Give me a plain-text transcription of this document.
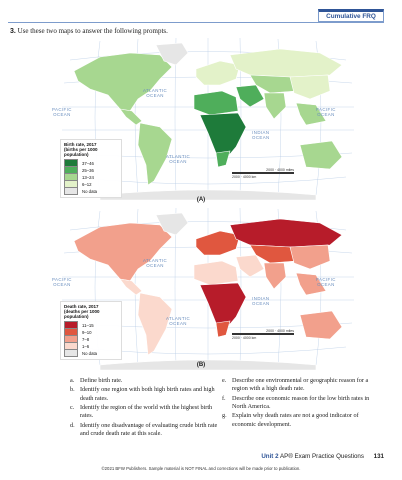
Cumulative FRQ
3. Use these two maps to answer the following prompts.
ATLANTIC
OCEAN
PACIFIC
OCEAN
PACIFIC
OCEAN
INDIAN
OCEAN
ATLANTIC
OCEAN
Birth rate, 2017
(births per 1000
population)
37–46
25–36
13–24
6–12
No data
2000 · 4000 miles
2000 · 4000 km
(A)
ATLANTIC
OCEAN
PACIFIC
OCEAN
PACIFIC
OCEAN
INDIAN
OCEAN
ATLANTIC
OCEAN
Death rate, 2017
(deaths per 1000
population)
11–15
9–10
7–8
1–6
No data
2000 · 4000 miles
2000 · 4000 km
(B)
a. Define birth rate.
b. Identify one region with both high birth rates and high death rates.
c. Identify the region of the world with the highest birth rates.
d. Identify one disadvantage of evaluating crude birth rate and crude death rate at this scale.
e. Describe one environmental or geographic reason for a region with a high death rate.
f.	Describe one economic reason for the low birth rates in North America.
g. Explain why death rates are not a good indicator of economic development.
Unit 2 AP® Exam Practice Questions 131
©2021 BFW Publishers. Sample material is NOT FINAL and corrections will be made prior to publication.
